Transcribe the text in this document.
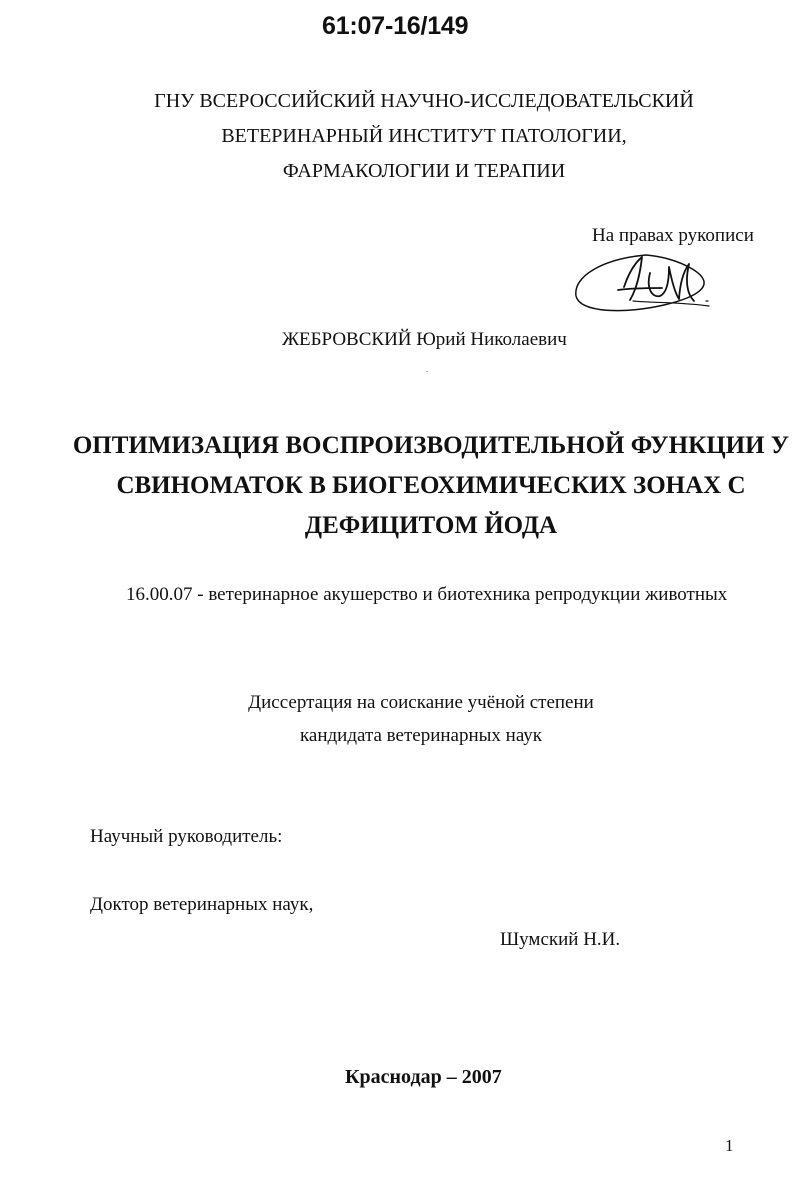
61:07-16/149
ГНУ ВСЕРОССИЙСКИЙ НАУЧНО-ИССЛЕДОВАТЕЛЬСКИЙ
ВЕТЕРИНАРНЫЙ ИНСТИТУТ ПАТОЛОГИИ,
ФАРМАКОЛОГИИ И ТЕРАПИИ
На правах рукописи
ЖЕБРОВСКИЙ Юрий Николаевич
ОПТИМИЗАЦИЯ ВОСПРОИЗВОДИТЕЛЬНОЙ ФУНКЦИИ У
СВИНОМАТОК В БИОГЕОХИМИЧЕСКИХ ЗОНАХ С
ДЕФИЦИТОМ ЙОДА
16.00.07 - ветеринарное акушерство и биотехника репродукции животных
Диссертация на соискание учёной степени
кандидата ветеринарных наук
Научный руководитель:
Доктор ветеринарных наук,
Шумский Н.И.
Краснодар – 2007
1
